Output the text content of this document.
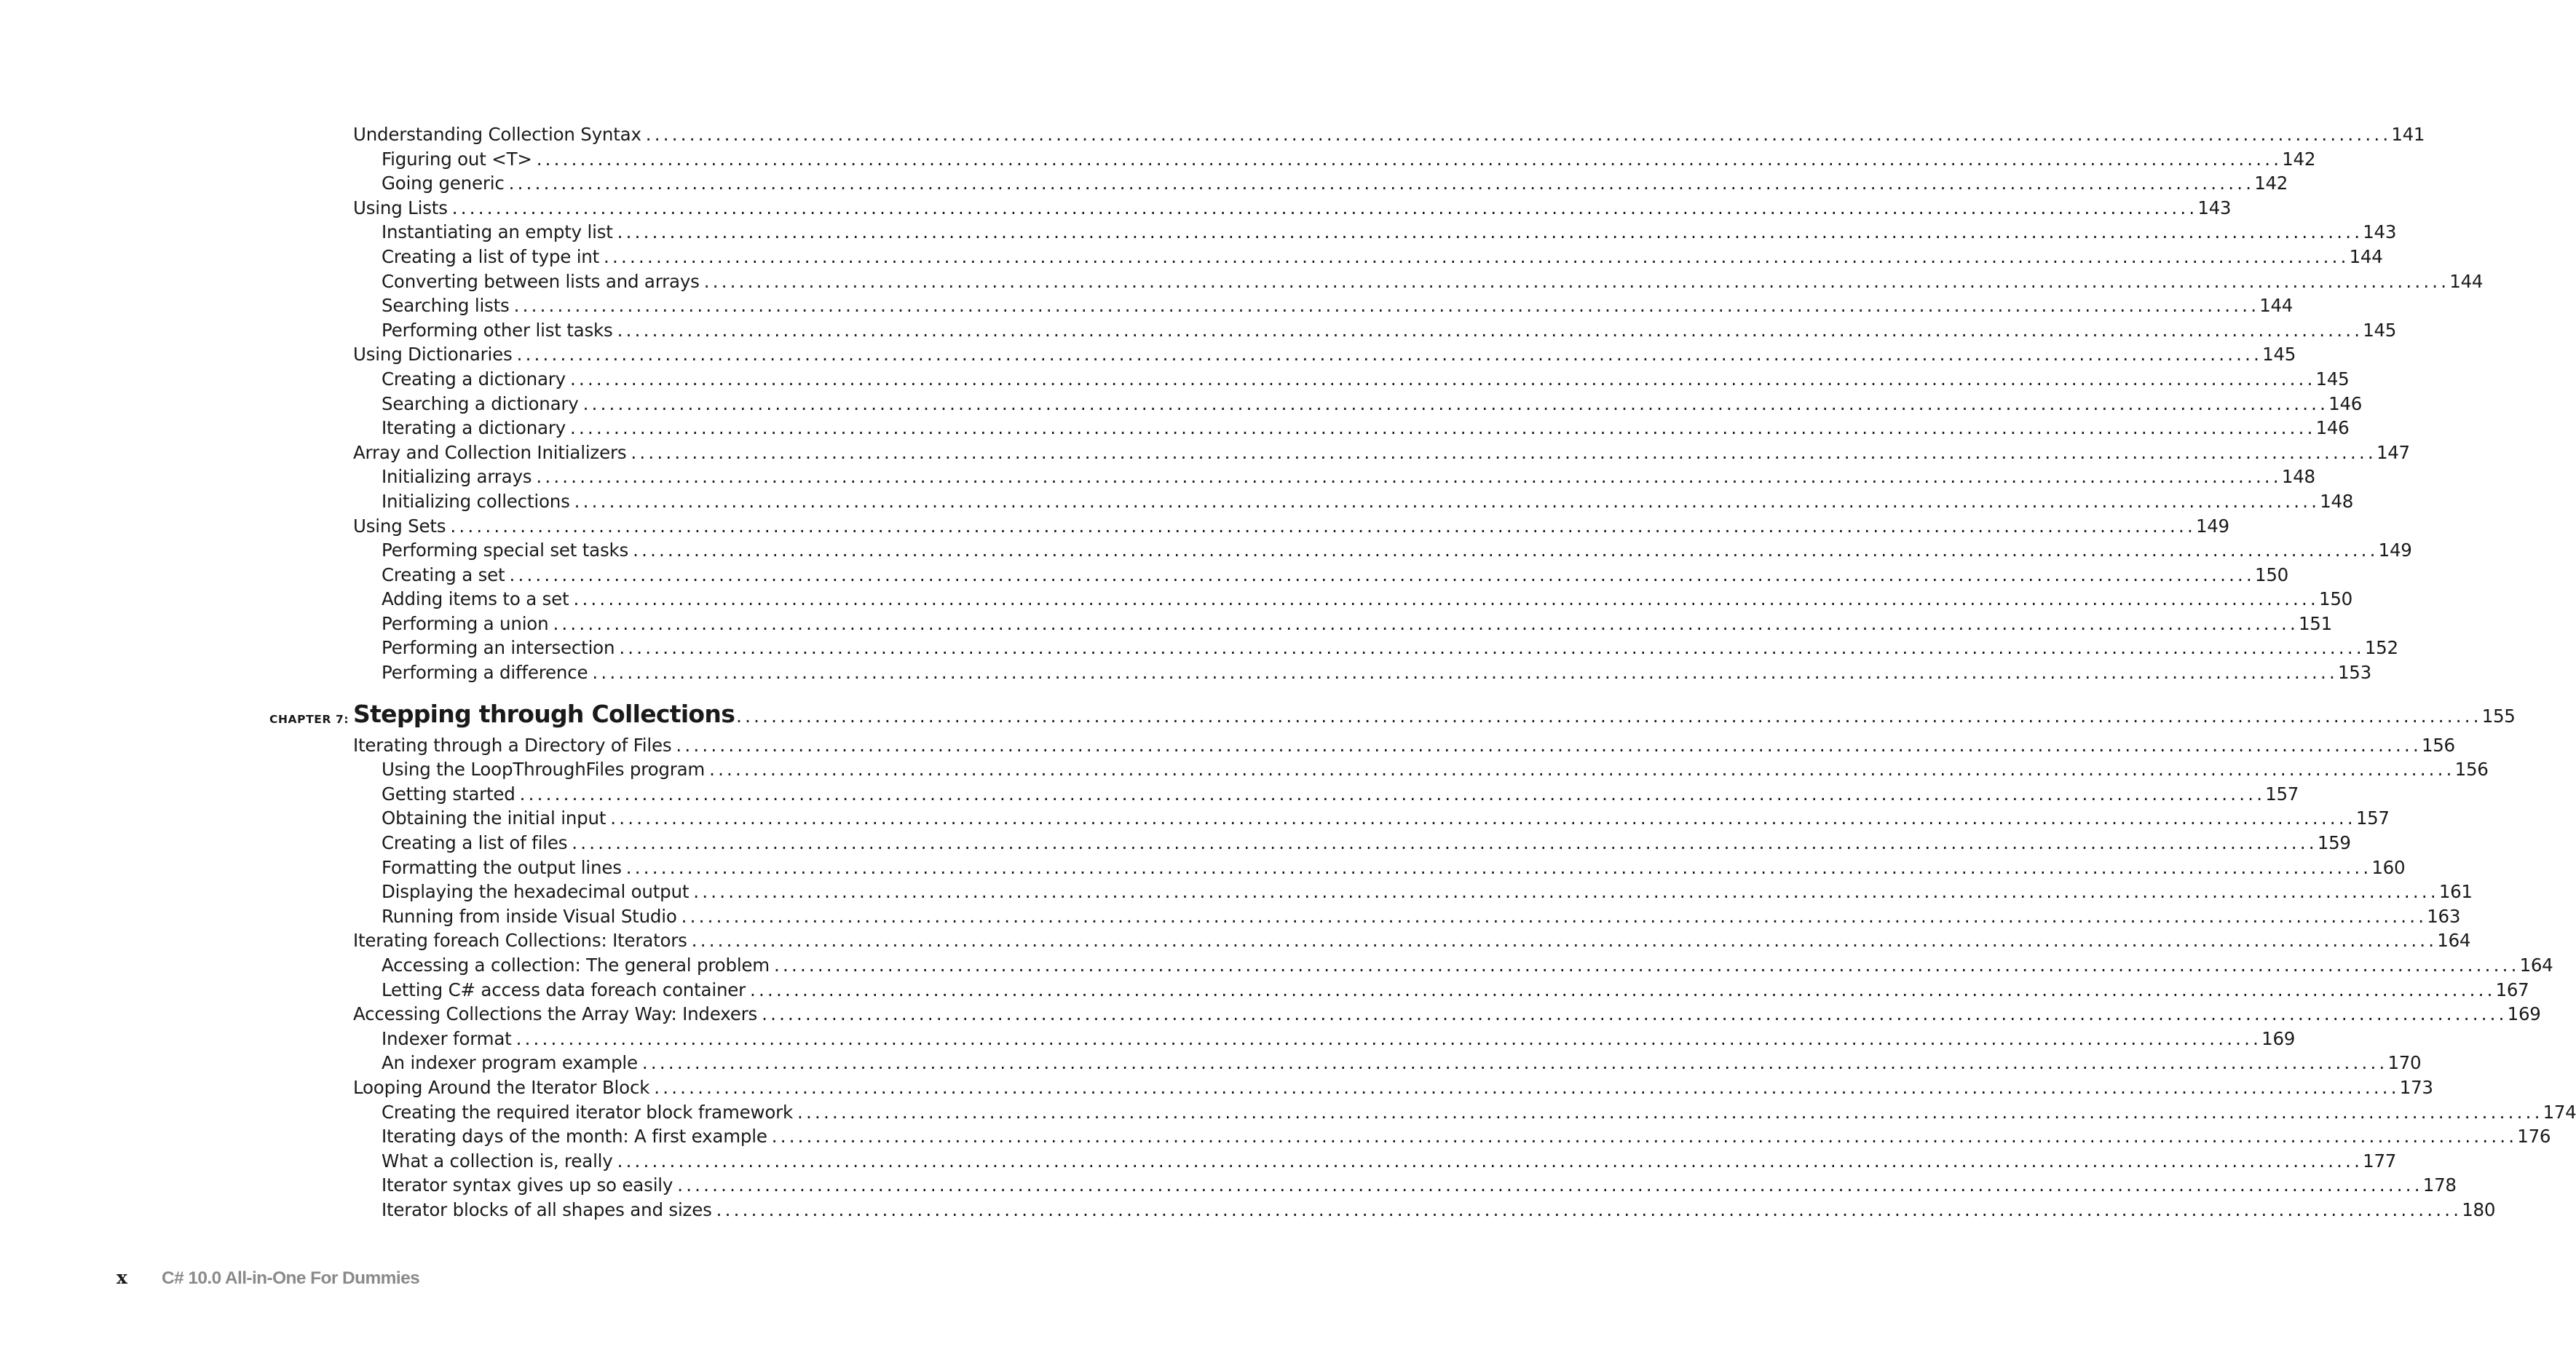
Understanding Collection Syntax ........................................................................................................................................................................................................ 141
Figuring out <T> ........................................................................................................................................................................................................ 142
Going generic ........................................................................................................................................................................................................ 142
Using Lists ........................................................................................................................................................................................................ 143
Instantiating an empty list ........................................................................................................................................................................................................ 143
Creating a list of type int ........................................................................................................................................................................................................ 144
Converting between lists and arrays ........................................................................................................................................................................................................ 144
Searching lists ........................................................................................................................................................................................................ 144
Performing other list tasks ........................................................................................................................................................................................................ 145
Using Dictionaries ........................................................................................................................................................................................................ 145
Creating a dictionary ........................................................................................................................................................................................................ 145
Searching a dictionary ........................................................................................................................................................................................................ 146
Iterating a dictionary ........................................................................................................................................................................................................ 146
Array and Collection Initializers ........................................................................................................................................................................................................ 147
Initializing arrays ........................................................................................................................................................................................................ 148
Initializing collections ........................................................................................................................................................................................................ 148
Using Sets ........................................................................................................................................................................................................ 149
Performing special set tasks ........................................................................................................................................................................................................ 149
Creating a set ........................................................................................................................................................................................................ 150
Adding items to a set ........................................................................................................................................................................................................ 150
Performing a union ........................................................................................................................................................................................................ 151
Performing an intersection ........................................................................................................................................................................................................ 152
Performing a difference ........................................................................................................................................................................................................ 153
CHAPTER 7: Stepping through Collections ........................................................................................................................................................................................................ 155
Iterating through a Directory of Files ........................................................................................................................................................................................................ 156
Using the LoopThroughFiles program ........................................................................................................................................................................................................ 156
Getting started ........................................................................................................................................................................................................ 157
Obtaining the initial input ........................................................................................................................................................................................................ 157
Creating a list of files ........................................................................................................................................................................................................ 159
Formatting the output lines ........................................................................................................................................................................................................ 160
Displaying the hexadecimal output ........................................................................................................................................................................................................ 161
Running from inside Visual Studio ........................................................................................................................................................................................................ 163
Iterating foreach Collections: Iterators ........................................................................................................................................................................................................ 164
Accessing a collection: The general problem ........................................................................................................................................................................................................ 164
Letting C# access data foreach container ........................................................................................................................................................................................................ 167
Accessing Collections the Array Way: Indexers ........................................................................................................................................................................................................ 169
Indexer format ........................................................................................................................................................................................................ 169
An indexer program example ........................................................................................................................................................................................................ 170
Looping Around the Iterator Block ........................................................................................................................................................................................................ 173
Creating the required iterator block framework ........................................................................................................................................................................................................ 174
Iterating days of the month: A first example ........................................................................................................................................................................................................ 176
What a collection is, really ........................................................................................................................................................................................................ 177
Iterator syntax gives up so easily ........................................................................................................................................................................................................ 178
Iterator blocks of all shapes and sizes ........................................................................................................................................................................................................ 180
x	C# 10.0 All-in-One For Dummies
